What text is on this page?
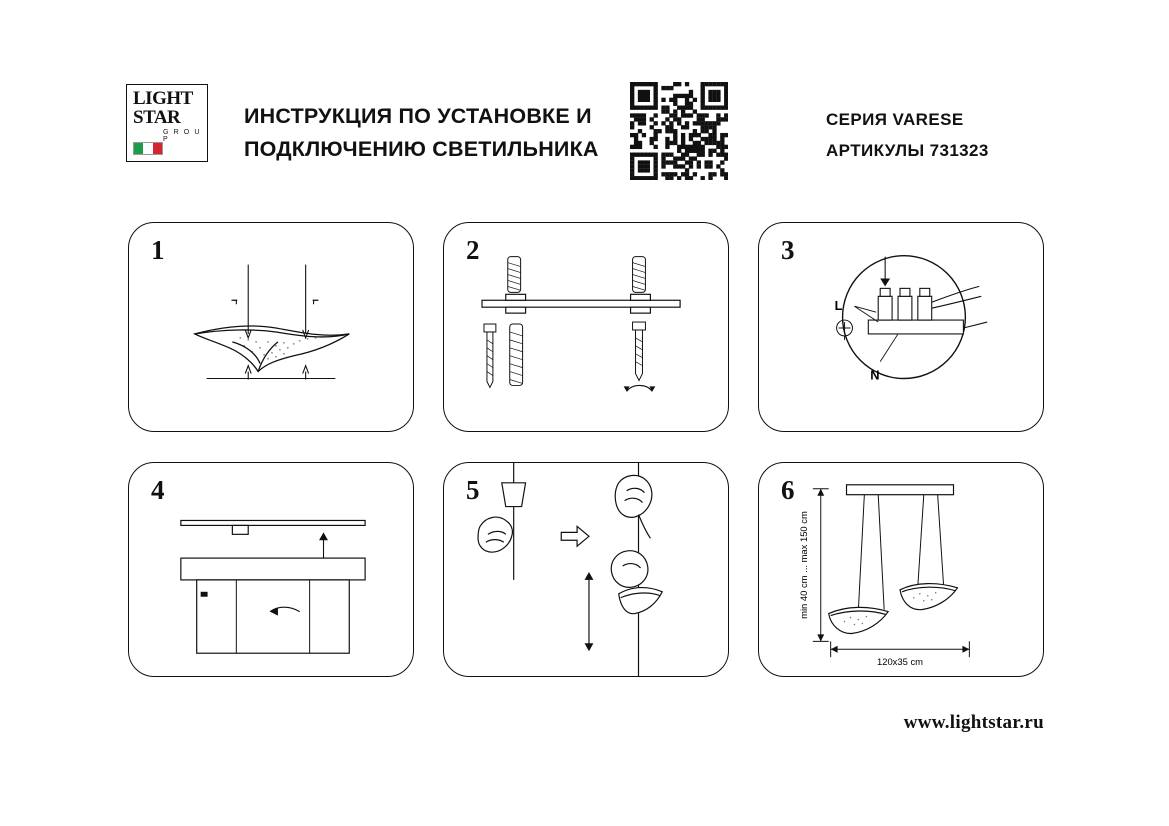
LIGHT
STAR
G R O U P
ИНСТРУКЦИЯ ПО УСТАНОВКЕ И
ПОДКЛЮЧЕНИЮ СВЕТИЛЬНИКА
СЕРИЯ VARESE
АРТИКУЛЫ 731323
1	2	3
L
N
4	5	6
min 40 cm ... max 150 cm
120x35 cm
www.lightstar.ru
